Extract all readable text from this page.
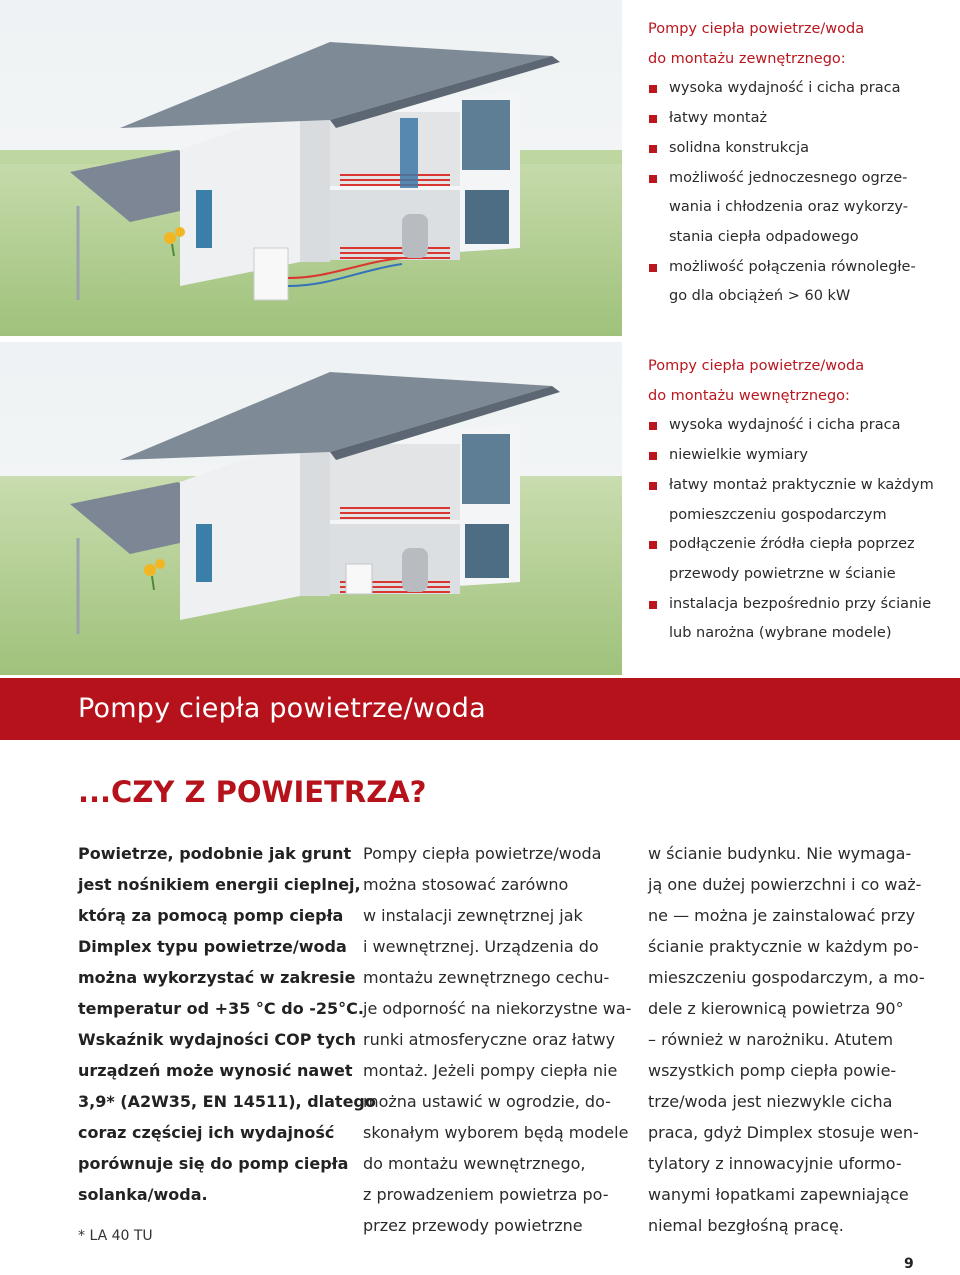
Pompy ciepła powietrze/woda
do montażu zewnętrznego:
wysoka wydajność i cicha praca
łatwy montaż
solidna konstrukcja
możliwość jednoczesnego ogrze-
wania i chłodzenia oraz wykorzy-
stania ciepła odpadowego
możliwość połączenia równoległe-
go dla obciążeń > 60 kW
Pompy ciepła powietrze/woda
do montażu wewnętrznego:
wysoka wydajność i cicha praca
niewielkie wymiary
łatwy montaż praktycznie w każdym
pomieszczeniu gospodarczym
podłączenie źródła ciepła poprzez
przewody powietrzne w ścianie
instalacja bezpośrednio przy ścianie
lub narożna (wybrane modele)
Pompy ciepła powietrze/woda
...CZY Z POWIETRZA?
Powietrze, podobnie jak grunt
jest nośnikiem energii cieplnej,
którą za pomocą pomp ciepła
Dimplex typu powietrze/woda
można wykorzystać w zakresie
temperatur od +35 °C do -25°C.
Wskaźnik wydajności COP tych
urządzeń może wynosić nawet
3,9* (A2W35, EN 14511), dlatego
coraz częściej ich wydajność
porównuje się do pomp ciepła
solanka/woda.
Pompy ciepła powietrze/woda
można stosować zarówno
w instalacji zewnętrznej jak
i wewnętrznej. Urządzenia do
montażu zewnętrznego cechu-
je odporność na niekorzystne wa-
runki atmosferyczne oraz łatwy
montaż. Jeżeli pompy ciepła nie
można ustawić w ogrodzie, do-
skonałym wyborem będą modele
do montażu wewnętrznego,
z prowadzeniem powietrza po-
przez przewody powietrzne
w ścianie budynku. Nie wymaga-
ją one dużej powierzchni i co waż-
ne — można je zainstalować przy
ścianie praktycznie w każdym po-
mieszczeniu gospodarczym, a mo-
dele z kierownicą powietrza 90°
– również w narożniku. Atutem
wszystkich pomp ciepła powie-
trze/woda jest niezwykle cicha
praca, gdyż Dimplex stosuje wen-
tylatory z innowacyjnie uformo-
wanymi łopatkami zapewniające
niemal bezgłośną pracę.
* LA 40 TU
9
